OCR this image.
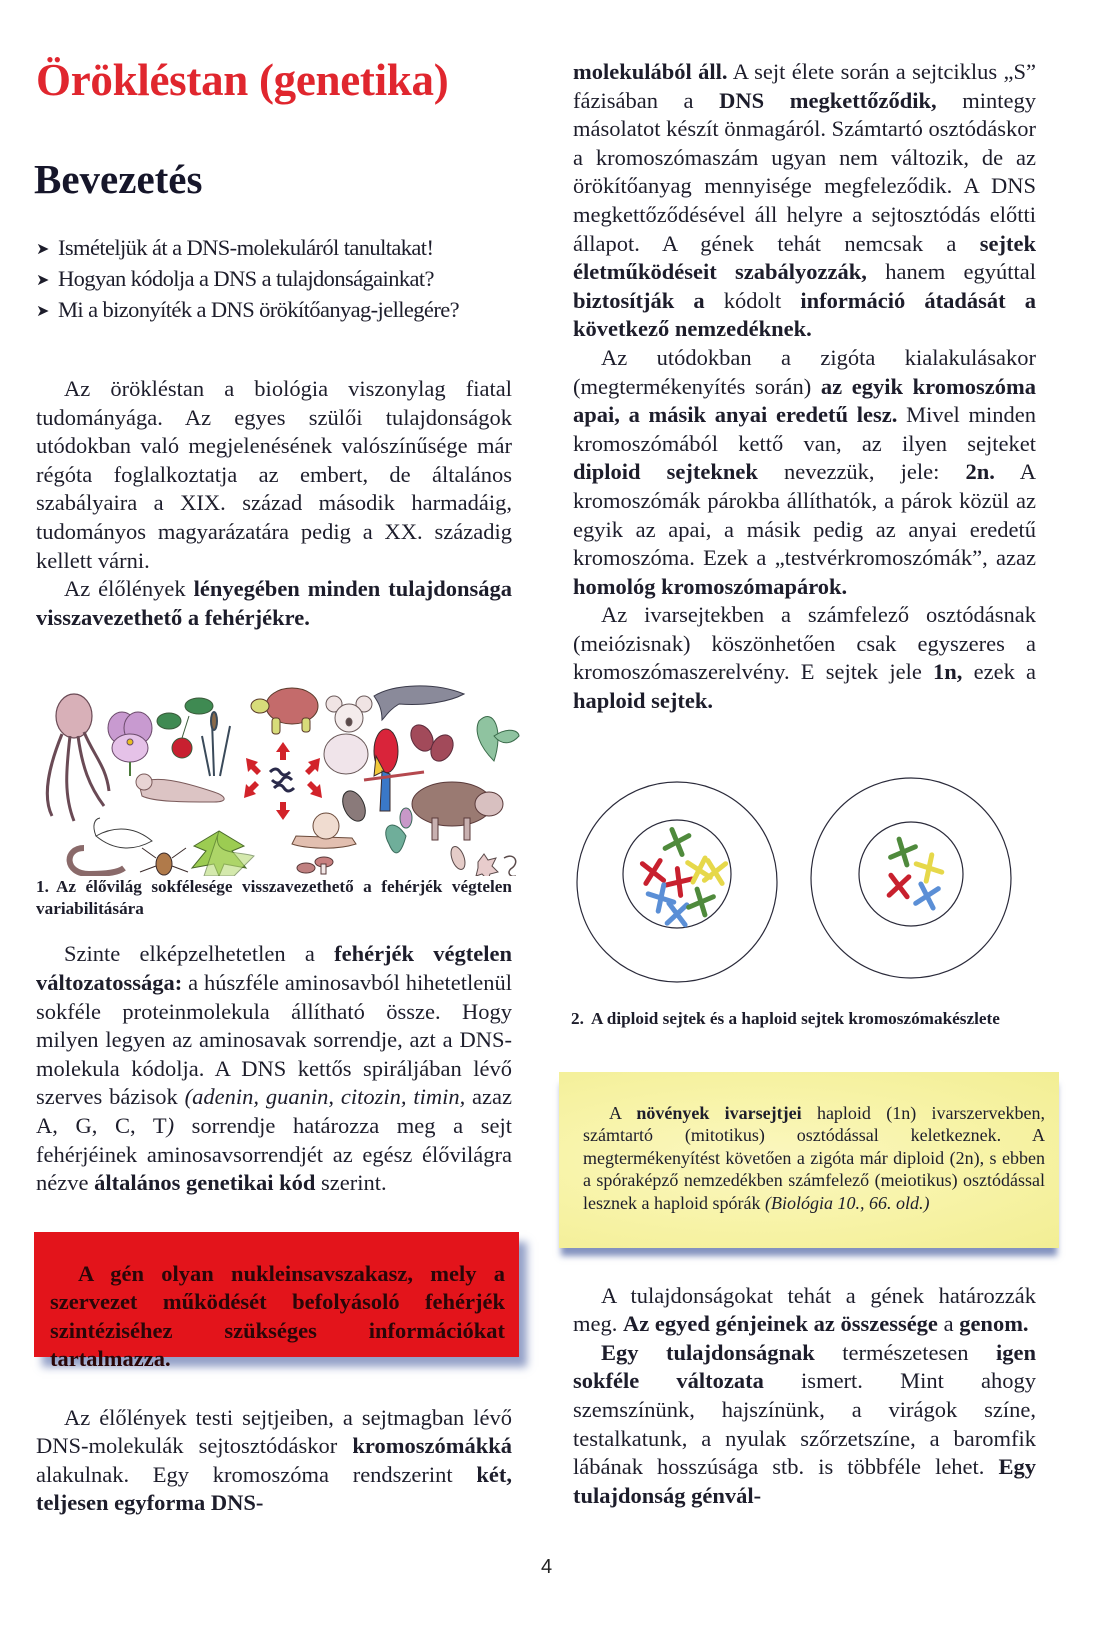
Örökléstan (genetika)
Bevezetés
➤ Ismételjük át a DNS-molekuláról tanultakat!
➤ Hogyan kódolja a DNS a tulajdonságainkat?
➤ Mi a bizonyíték a DNS örökítőanyag-jellegére?

Az örökléstan a biológia viszonylag fiatal tudományága. Az egyes szülői tulajdonságok utódokban való megjelenésének valószínűsége már régóta foglalkoztatja az embert, de általános szabályaira a XIX. század második harmadáig, tudományos magyarázatára pedig a XX. századig kellett várni.

Az élőlények lényegében minden tulajdonsága visszavezethető a fehérjékre.

1. Az élővilág sokfélesége visszavezethető a fehérjék végtelen variabilitására

Szinte elképzelhetetlen a fehérjék végtelen változatossága: a húszféle aminosavból hihetetlenül sokféle proteinmolekula állítható össze. Hogy milyen legyen az aminosavak sorrendje, azt a DNS-molekula kódolja. A DNS kettős spiráljában lévő szerves bázisok (adenin, guanin, citozin, timin, azaz A, G, C, T) sorrendje határozza meg a sejt fehérjéinek aminosavsorrendjét az egész élővilágra nézve általános genetikai kód szerint.

A gén olyan nukleinsavszakasz, mely a szervezet működését befolyásoló fehérjék szintéziséhez szükséges információkat tartalmazza.

Az élőlények testi sejtjeiben, a sejtmagban lévő DNS-molekulák sejtosztódáskor kromoszómákká alakulnak. Egy kromoszóma rendszerint két, teljesen egyforma DNS-

molekulából áll. A sejt élete során a sejtciklus „S” fázisában a DNS megkettőződik, mintegy másolatot készít önmagáról. Számtartó osztódáskor a kromoszómaszám ugyan nem változik, de az örökítőanyag mennyisége megfeleződik. A DNS megkettőződésével áll helyre a sejtosztódás előtti állapot. A gének tehát nemcsak a sejtek életműködéseit szabályozzák, hanem egyúttal biztosítják a kódolt információ átadását a következő nemzedéknek.

Az utódokban a zigóta kialakulásakor (megtermékenyítés során) az egyik kromoszóma apai, a másik anyai eredetű lesz. Mivel minden kromoszómából kettő van, az ilyen sejteket diploid sejteknek nevezzük, jele: 2n. A kromoszómák párokba állíthatók, a párok közül az egyik az apai, a másik pedig az anyai eredetű kromoszóma. Ezek a „testvérkromoszómák”, azaz homológ kromoszómapárok.

Az ivarsejtekben a számfelező osztódásnak (meiózisnak) köszönhetően csak egyszeres a kromoszómaszerelvény. E sejtek jele 1n, ezek a haploid sejtek.

2. A diploid sejtek és a haploid sejtek kromoszómakészlete

A növények ivarsejtjei haploid (1n) ivarszervekben, számtartó (mitotikus) osztódással keletkeznek. A megtermékenyítést követően a zigóta már diploid (2n), s ebben a spóraképző nemzedékben számfelező (meiotikus) osztódással lesznek a haploid spórák (Biológia 10., 66. old.)

A tulajdonságokat tehát a gének határozzák meg. Az egyed génjeinek az összessége a genom.

Egy tulajdonságnak természetesen igen sokféle változata ismert. Mint ahogy szemszínünk, hajszínünk, a virágok színe, testalkatunk, a nyulak szőrzetszíne, a baromfik lábának hosszúsága stb. is többféle lehet. Egy tulajdonság génvál-

4
